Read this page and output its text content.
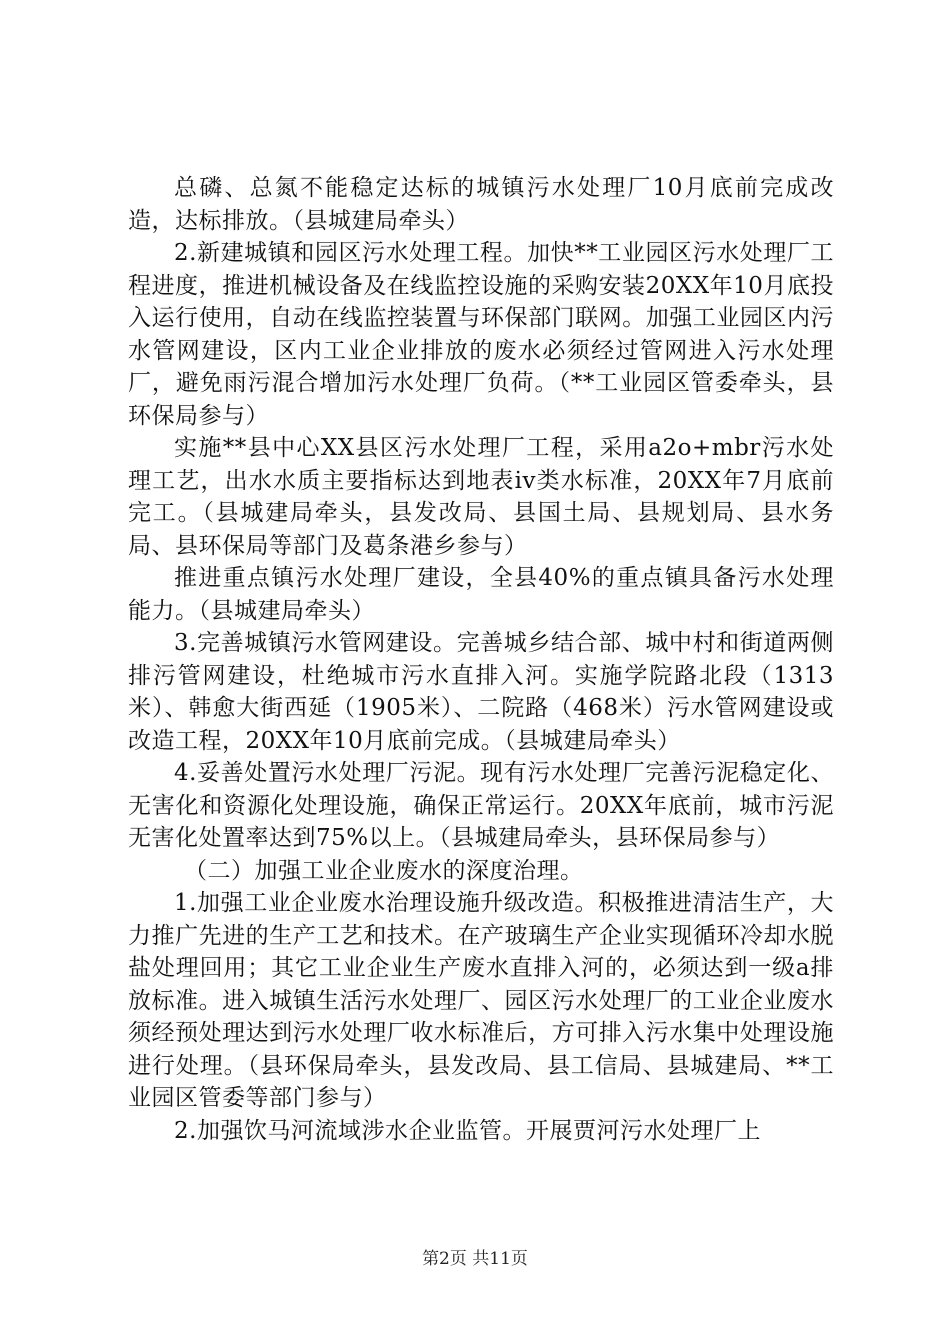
总磷、总氮不能稳定达标的城镇污水处理厂10月底前完成改造，达标排放。（县城建局牵头）

2.新建城镇和园区污水处理工程。加快**工业园区污水处理厂工程进度，推进机械设备及在线监控设施的采购安装20XX年10月底投入运行使用，自动在线监控装置与环保部门联网。加强工业园区内污水管网建设，区内工业企业排放的废水必须经过管网进入污水处理厂，避免雨污混合增加污水处理厂负荷。（**工业园区管委牵头，县环保局参与）

实施**县中心XX县区污水处理厂工程，采用a2o+mbr污水处理工艺，出水水质主要指标达到地表iv类水标准，20XX年7月底前完工。（县城建局牵头，县发改局、县国土局、县规划局、县水务局、县环保局等部门及葛条港乡参与）

推进重点镇污水处理厂建设，全县40%的重点镇具备污水处理能力。（县城建局牵头）

3.完善城镇污水管网建设。完善城乡结合部、城中村和街道两侧排污管网建设，杜绝城市污水直排入河。实施学院路北段（1313米）、韩愈大街西延（1905米）、二院路（468米）污水管网建设或改造工程，20XX年10月底前完成。（县城建局牵头）

4.妥善处置污水处理厂污泥。现有污水处理厂完善污泥稳定化、无害化和资源化处理设施，确保正常运行。20XX年底前，城市污泥无害化处置率达到75%以上。（县城建局牵头，县环保局参与）

（二）加强工业企业废水的深度治理。

1.加强工业企业废水治理设施升级改造。积极推进清洁生产，大力推广先进的生产工艺和技术。在产玻璃生产企业实现循环冷却水脱盐处理回用；其它工业企业生产废水直排入河的，必须达到一级a排放标准。进入城镇生活污水处理厂、园区污水处理厂的工业企业废水须经预处理达到污水处理厂收水标准后，方可排入污水集中处理设施进行处理。（县环保局牵头，县发改局、县工信局、县城建局、**工业园区管委等部门参与）

2.加强饮马河流域涉水企业监管。开展贾河污水处理厂上

第2页 共11页
